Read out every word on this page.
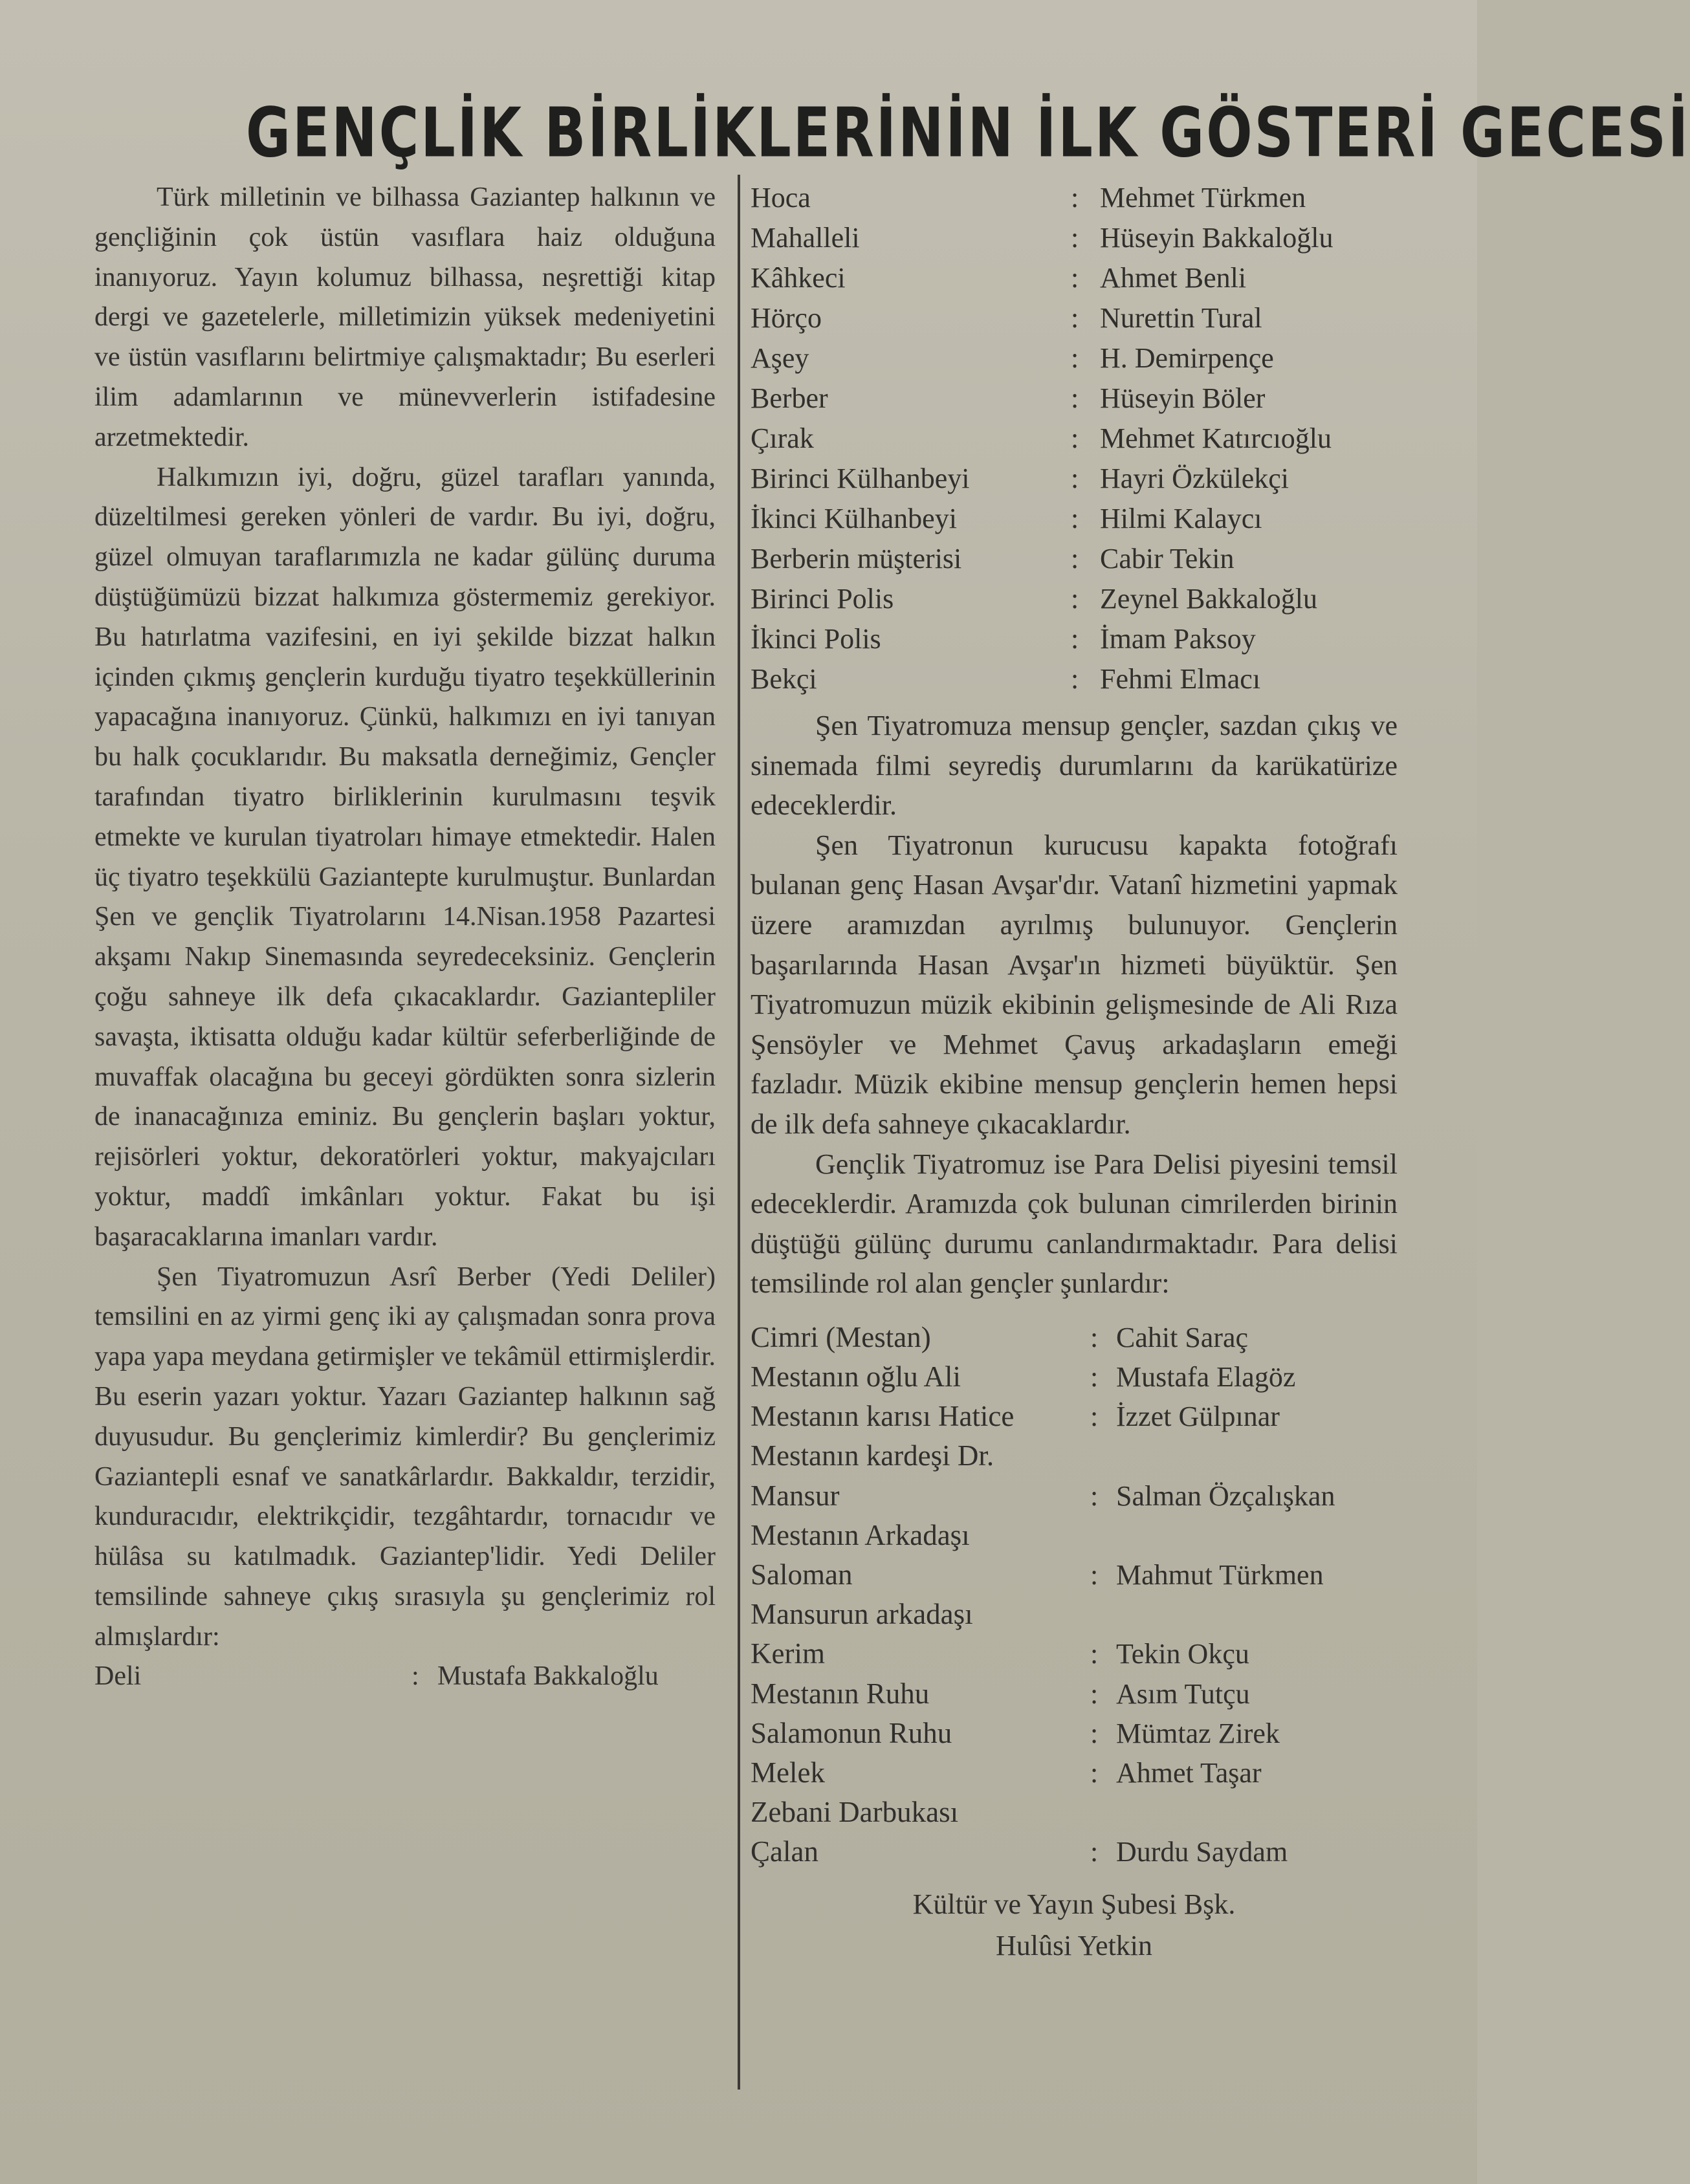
GENÇLİK BİRLİKLERİNİN İLK GÖSTERİ GECESİ

Türk milletinin ve bilhassa Gaziantep halkının ve gençliğinin çok üstün vasıflara haiz olduğuna inanıyoruz. Yayın kolumuz bilhassa, neşrettiği kitap dergi ve gazetelerle, milletimizin yüksek medeniyetini ve üstün vasıflarını belirtmiye çalışmaktadır; Bu eserleri ilim adamlarının ve münevverlerin istifadesine arzetmektedir.

Halkımızın iyi, doğru, güzel tarafları yanında, düzeltilmesi gereken yönleri de vardır. Bu iyi, doğru, güzel olmuyan taraflarımızla ne kadar gülünç duruma düştüğümüzü bizzat halkımıza göstermemiz gerekiyor. Bu hatırlatma vazifesini, en iyi şekilde bizzat halkın içinden çıkmış gençlerin kurduğu tiyatro teşekküllerinin yapacağına inanıyoruz. Çünkü, halkımızı en iyi tanıyan bu halk çocuklarıdır. Bu maksatla derneğimiz, Gençler tarafından tiyatro birliklerinin kurulmasını teşvik etmekte ve kurulan tiyatroları himaye etmektedir. Halen üç tiyatro teşekkülü Gaziantepte kurulmuştur. Bunlardan Şen ve gençlik Tiyatrolarını 14.Nisan.1958 Pazartesi akşamı Nakıp Sinemasında seyredeceksiniz. Gençlerin çoğu sahneye ilk defa çıkacaklardır. Gaziantepliler savaşta, iktisatta olduğu kadar kültür seferberliğinde de muvaffak olacağına bu geceyi gördükten sonra sizlerin de inanacağınıza eminiz. Bu gençlerin başları yoktur, rejisörleri yoktur, dekoratörleri yoktur, makyajcıları yoktur, maddî imkânları yoktur. Fakat bu işi başaracaklarına imanları vardır.

Şen Tiyatromuzun Asrî Berber (Yedi Deliler) temsilini en az yirmi genç iki ay çalışmadan sonra prova yapa yapa meydana getirmişler ve tekâmül ettirmişlerdir. Bu eserin yazarı yoktur. Yazarı Gaziantep halkının sağ duyusudur. Bu gençlerimiz kimlerdir? Bu gençlerimiz Gaziantepli esnaf ve sanatkârlardır. Bakkaldır, terzidir, kunduracıdır, elektrikçidir, tezgâhtardır, tornacıdır ve hülâsa su katılmadık. Gaziantep'lidir. Yedi Deliler temsilinde sahneye çıkış sırasıyla şu gençlerimiz rol almışlardır:

Deli	: Mustafa Bakkaloğlu
Hoca	: Mehmet Türkmen
Mahalleli	: Hüseyin Bakkaloğlu
Kâhkeci	: Ahmet Benli
Hörço	: Nurettin Tural
Aşey	: H. Demirpençe
Berber	: Hüseyin Böler
Çırak	: Mehmet Katırcıoğlu
Birinci Külhanbeyi	: Hayri Özkülekçi
İkinci Külhanbeyi	: Hilmi Kalaycı
Berberin müşterisi	: Cabir Tekin
Birinci Polis	: Zeynel Bakkaloğlu
İkinci Polis	: İmam Paksoy
Bekçi	: Fehmi Elmacı

Şen Tiyatromuza mensup gençler, sazdan çıkış ve sinemada filmi seyrediş durumlarını da karükatürize edeceklerdir.

Şen Tiyatronun kurucusu kapakta fotoğrafı bulanan genç Hasan Avşar'dır. Vatanî hizmetini yapmak üzere aramızdan ayrılmış bulunuyor. Gençlerin başarılarında Hasan Avşar'ın hizmeti büyüktür. Şen Tiyatromuzun müzik ekibinin gelişmesinde de Ali Rıza Şensöyler ve Mehmet Çavuş arkadaşların emeği fazladır. Müzik ekibine mensup gençlerin hemen hepsi de ilk defa sahneye çıkacaklardır.

Gençlik Tiyatromuz ise Para Delisi piyesini temsil edeceklerdir. Aramızda çok bulunan cimrilerden birinin düştüğü gülünç durumu canlandırmaktadır. Para delisi temsilinde rol alan gençler şunlardır:

Cimri (Mestan)	: Cahit Saraç
Mestanın oğlu Ali	: Mustafa Elagöz
Mestanın karısı Hatice	: İzzet Gülpınar
Mestanın kardeşi Dr.
Mansur	: Salman Özçalışkan
Mestanın Arkadaşı
Saloman	: Mahmut Türkmen
Mansurun arkadaşı
Kerim	: Tekin Okçu
Mestanın Ruhu	: Asım Tutçu
Salamonun Ruhu	: Mümtaz Zirek
Melek	: Ahmet Taşar
Zebani Darbukası
Çalan	: Durdu Saydam
Kültür ve Yayın Şubesi Bşk.
Hulûsi Yetkin
